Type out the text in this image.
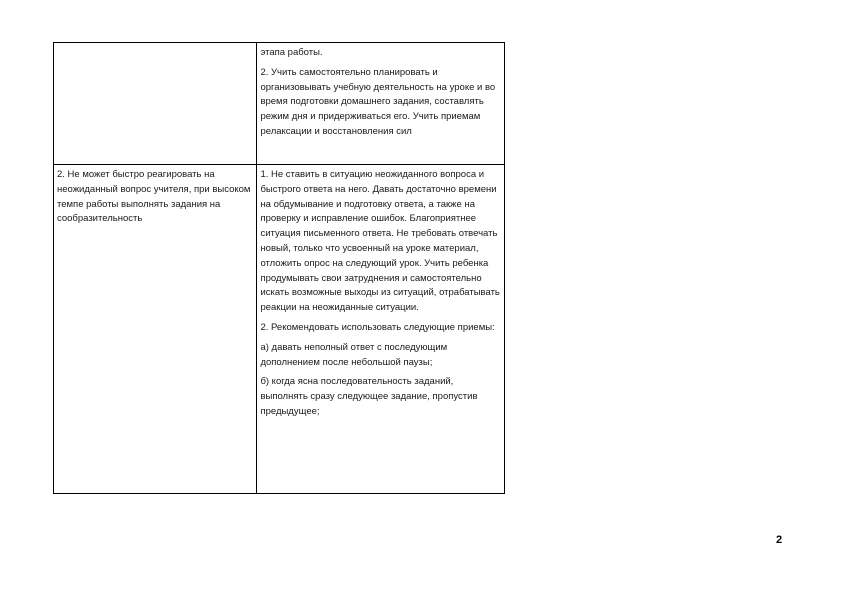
	этапа работы.

2. Учить самостоятельно планировать и организовывать учебную деятельность на уроке и во время подготовки домашнего задания, составлять режим дня и придерживаться его. Учить приемам релаксации и восстановления сил

2. Не может быстро реагировать на неожиданный вопрос учителя, при высоком темпе работы выполнять задания на сообразительность	1. Не ставить в ситуацию неожиданного вопроса и быстрого ответа на него. Давать достаточно времени на обдумывание и подготовку ответа, а также на проверку и исправление ошибок. Благоприятнее ситуация письменного ответа. Не требовать отвечать новый, только что усвоенный на уроке материал, отложить опрос на следующий урок. Учить ребенка продумывать свои затруднения и самостоятельно искать возможные выходы из ситуаций, отрабатывать реакции на неожиданные ситуации.

2. Рекомендовать использовать следующие приемы:

а) давать неполный ответ с последующим дополнением после небольшой паузы;

б) когда ясна последовательность заданий, выполнять сразу следующее задание, пропустив предыдущее;

2
